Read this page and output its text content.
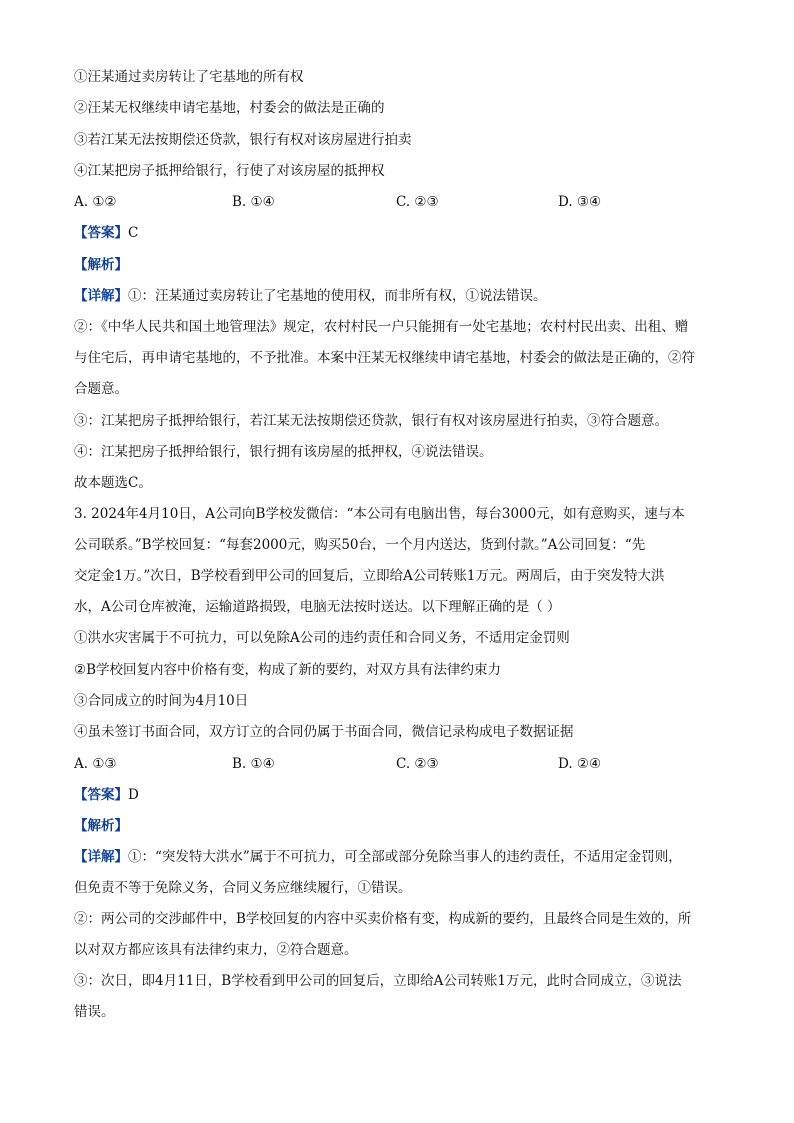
①汪某通过卖房转让了宅基地的所有权
②汪某无权继续申请宅基地，村委会的做法是正确的
③若江某无法按期偿还贷款，银行有权对该房屋进行拍卖
④江某把房子抵押给银行，行使了对该房屋的抵押权
A. ①②	B. ①④	C. ②③	D. ③④
【答案】C
【解析】
【详解】①：汪某通过卖房转让了宅基地的使用权，而非所有权，①说法错误。
②：《中华人民共和国土地管理法》规定，农村村民一户只能拥有一处宅基地；农村村民出卖、出租、赠
与住宅后，再申请宅基地的，不予批准。本案中汪某无权继续申请宅基地，村委会的做法是正确的，②符
合题意。
③：江某把房子抵押给银行，若江某无法按期偿还贷款，银行有权对该房屋进行拍卖，③符合题意。
④：江某把房子抵押给银行，银行拥有该房屋的抵押权，④说法错误。
故本题选C。
3. 2024年4月10日，A公司向B学校发微信：“本公司有电脑出售，每台3000元，如有意购买，速与本
公司联系。”B学校回复：“每套2000元，购买50台，一个月内送达，货到付款。”A公司回复：“先
交定金1万。”次日，B学校看到甲公司的回复后，立即给A公司转账1万元。两周后，由于突发特大洪
水，A公司仓库被淹，运输道路损毁，电脑无法按时送达。以下理解正确的是（ ）
①洪水灾害属于不可抗力，可以免除A公司的违约责任和合同义务，不适用定金罚则
②B学校回复内容中价格有变，构成了新的要约，对双方具有法律约束力
③合同成立的时间为4月10日
④虽未签订书面合同，双方订立的合同仍属于书面合同，微信记录构成电子数据证据
A. ①③	B. ①④	C. ②③	D. ②④
【答案】D
【解析】
【详解】①：“突发特大洪水”属于不可抗力，可全部或部分免除当事人的违约责任，不适用定金罚则，
但免责不等于免除义务，合同义务应继续履行，①错误。
②：两公司的交涉邮件中，B学校回复的内容中买卖价格有变，构成新的要约，且最终合同是生效的，所
以对双方都应该具有法律约束力，②符合题意。
③：次日，即4月11日，B学校看到甲公司的回复后，立即给A公司转账1万元，此时合同成立，③说法
错误。
